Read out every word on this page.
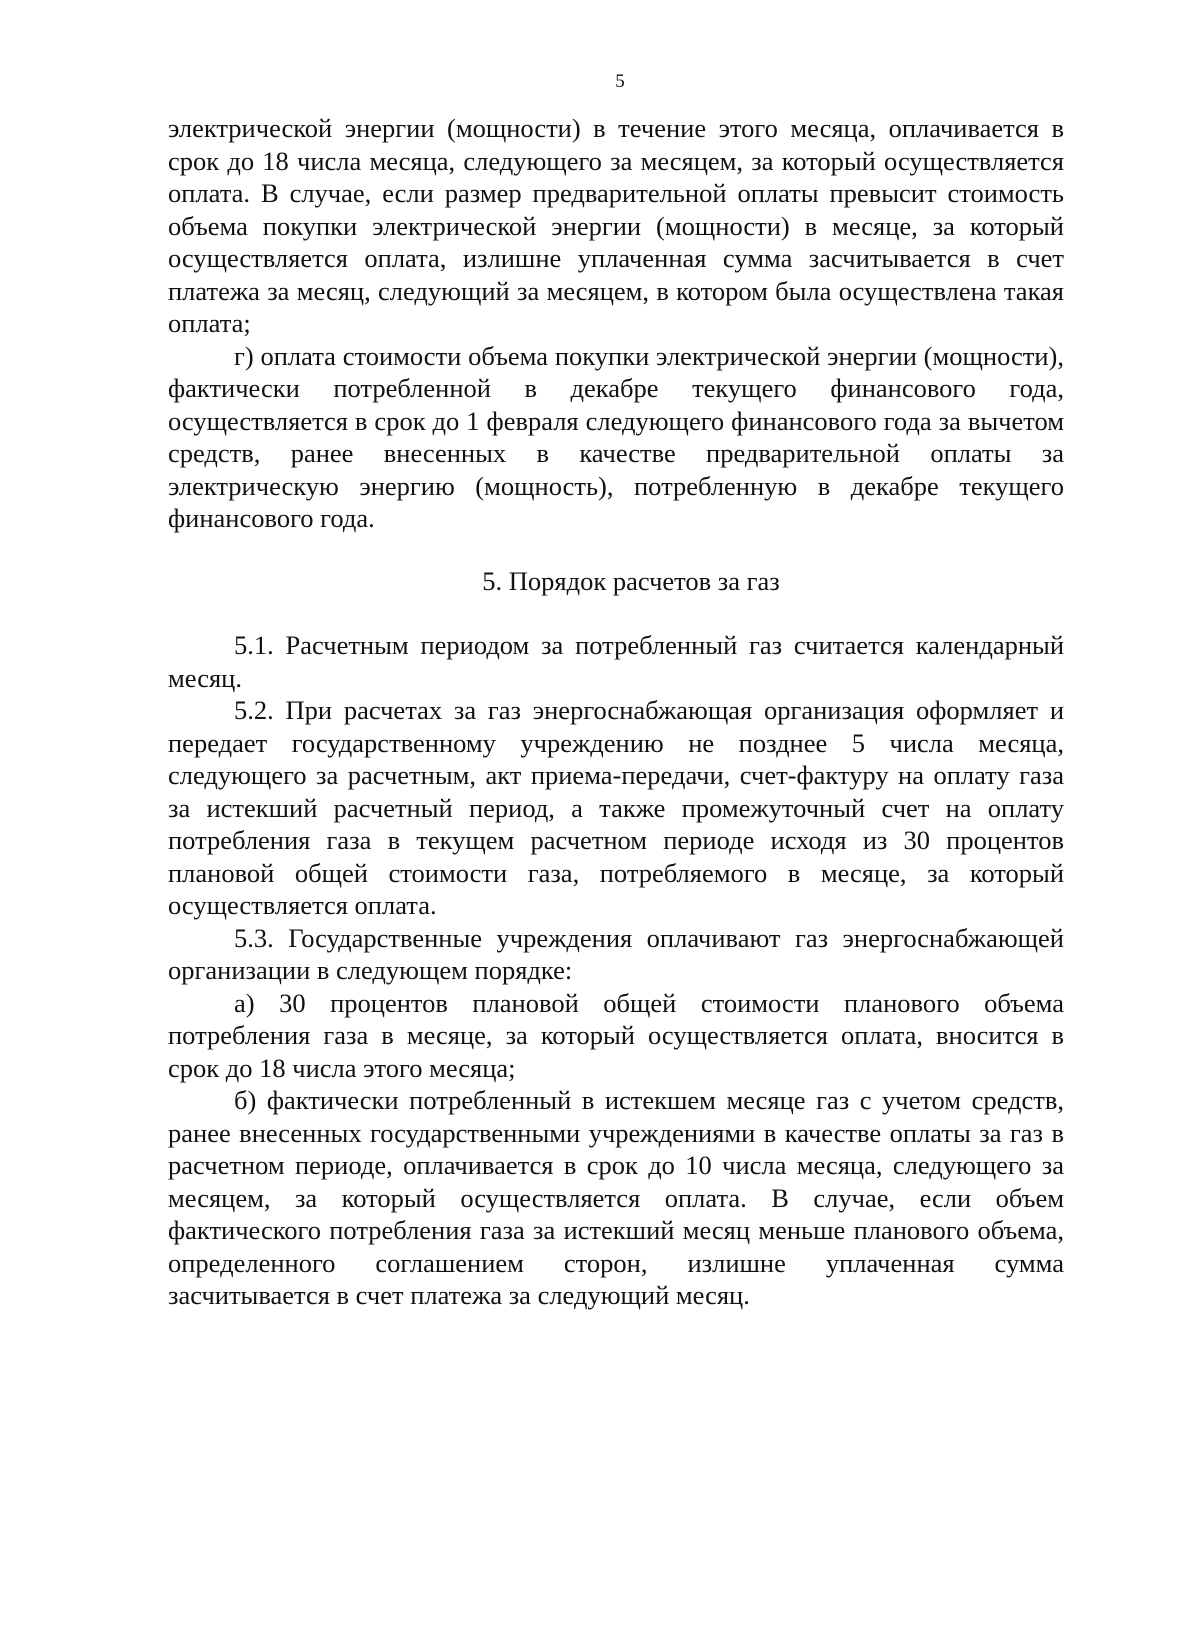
5

электрической энергии (мощности) в течение этого месяца, оплачивается в срок до 18 числа месяца, следующего за месяцем, за который осуществляется оплата. В случае, если размер предварительной оплаты превысит стоимость объема покупки электрической энергии (мощности) в месяце, за который осуществляется оплата, излишне уплаченная сумма засчитывается в счет платежа за месяц, следующий за месяцем, в котором была осуществлена такая оплата;

г) оплата стоимости объема покупки электрической энергии (мощности), фактически потребленной в декабре текущего финансового года, осуществляется в срок до 1 февраля следующего финансового года за вычетом средств, ранее внесенных в качестве предварительной оплаты за электрическую энергию (мощность), потребленную в декабре текущего финансового года.

5. Порядок расчетов за газ

5.1. Расчетным периодом за потребленный газ считается календарный месяц.

5.2. При расчетах за газ энергоснабжающая организация оформляет и передает государственному учреждению не позднее 5 числа месяца, следующего за расчетным, акт приема-передачи, счет-фактуру на оплату газа за истекший расчетный период, а также промежуточный счет на оплату потребления газа в текущем расчетном периоде исходя из 30 процентов плановой общей стоимости газа, потребляемого в месяце, за который осуществляется оплата.

5.3. Государственные учреждения оплачивают газ энергоснабжающей организации в следующем порядке:

а) 30 процентов плановой общей стоимости планового объема потребления газа в месяце, за который осуществляется оплата, вносится в срок до 18 числа этого месяца;

б) фактически потребленный в истекшем месяце газ с учетом средств, ранее внесенных государственными учреждениями в качестве оплаты за газ в расчетном периоде, оплачивается в срок до 10 числа месяца, следующего за месяцем, за который осуществляется оплата. В случае, если объем фактического потребления газа за истекший месяц меньше планового объема, определенного соглашением сторон, излишне уплаченная сумма засчитывается в счет платежа за следующий месяц.
